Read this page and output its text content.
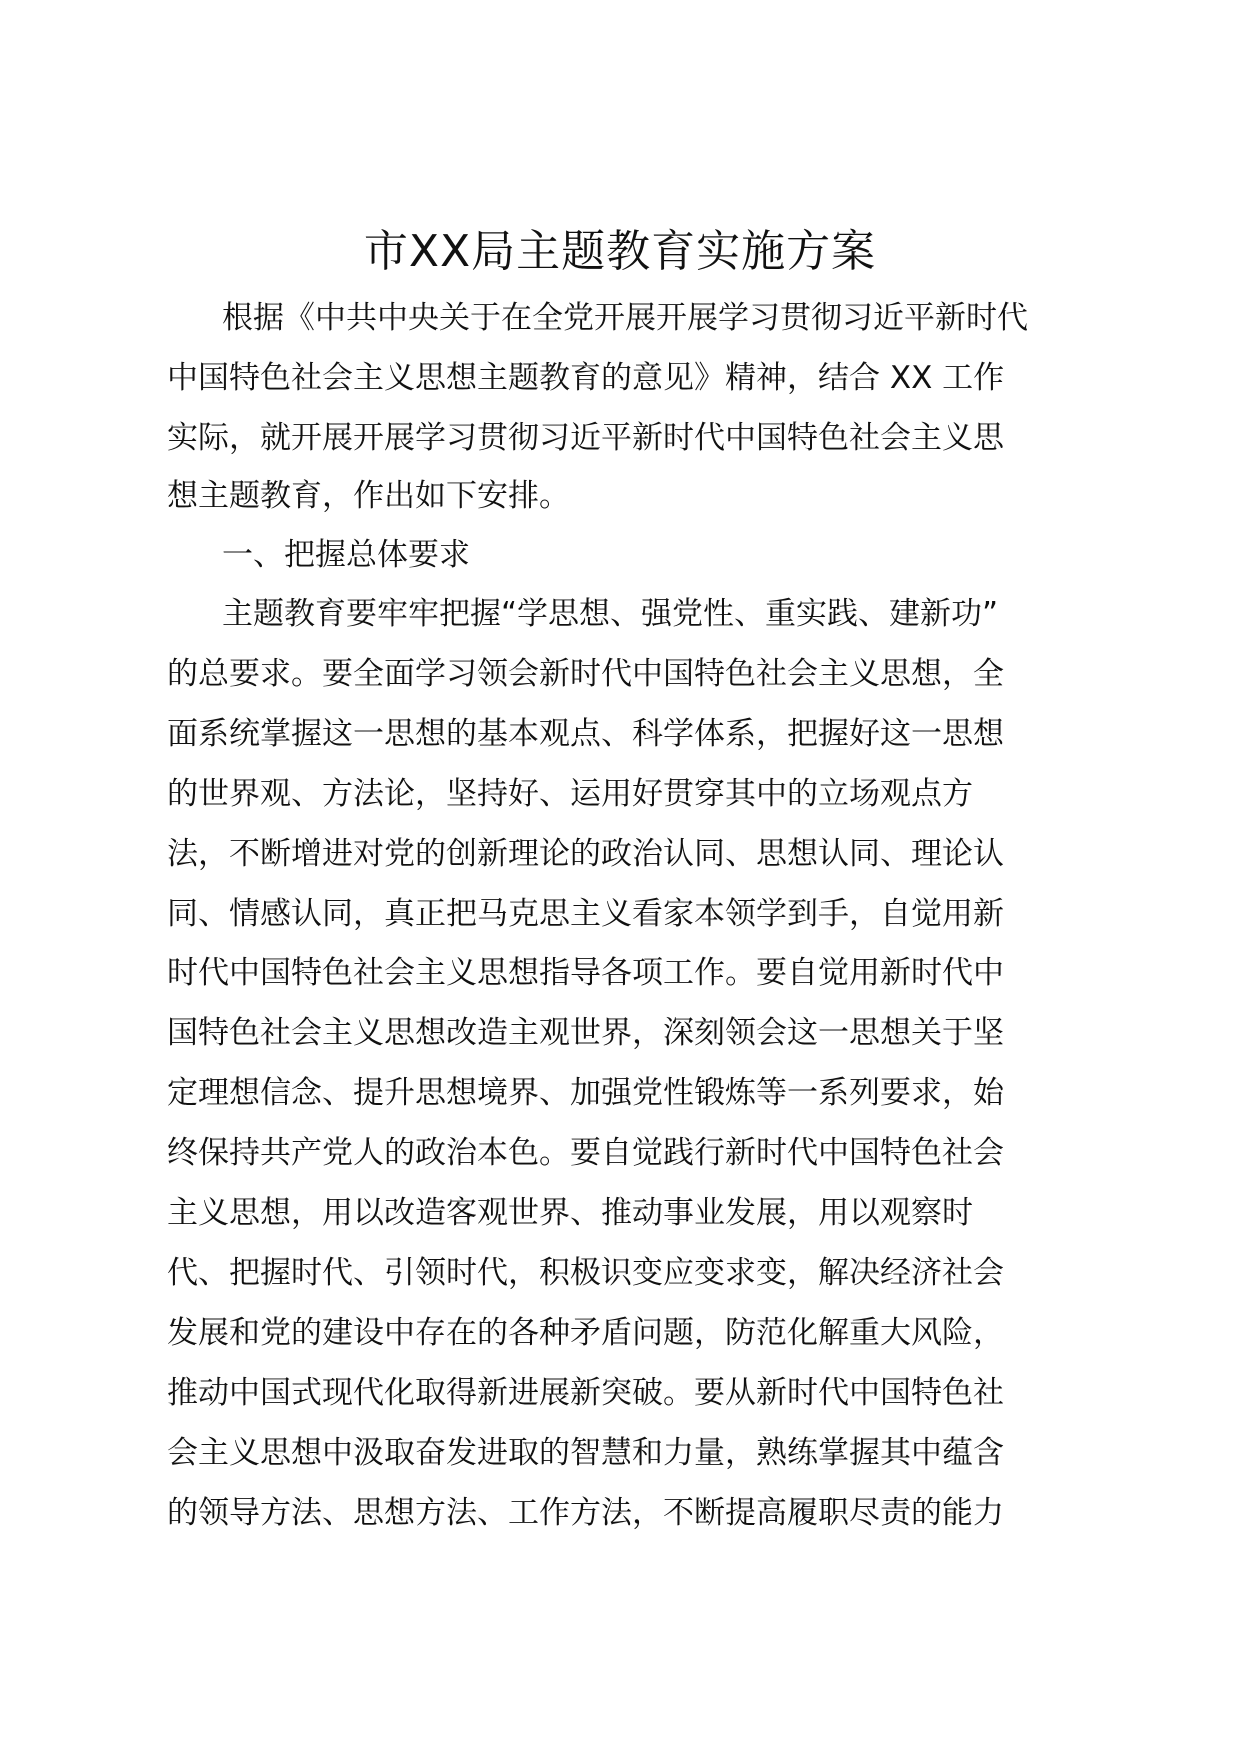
市XX局主题教育实施方案

根据《中共中央关于在全党开展开展学习贯彻习近平新时代

中国特色社会主义思想主题教育的意见》精神，结合 XX 工作

实际，就开展开展学习贯彻习近平新时代中国特色社会主义思

想主题教育，作出如下安排。

一、把握总体要求

主题教育要牢牢把握“学思想、强党性、重实践、建新功”

的总要求。要全面学习领会新时代中国特色社会主义思想，全

面系统掌握这一思想的基本观点、科学体系，把握好这一思想

的世界观、方法论，坚持好、运用好贯穿其中的立场观点方

法，不断增进对党的创新理论的政治认同、思想认同、理论认

同、情感认同，真正把马克思主义看家本领学到手，自觉用新

时代中国特色社会主义思想指导各项工作。要自觉用新时代中

国特色社会主义思想改造主观世界，深刻领会这一思想关于坚

定理想信念、提升思想境界、加强党性锻炼等一系列要求，始

终保持共产党人的政治本色。要自觉践行新时代中国特色社会

主义思想，用以改造客观世界、推动事业发展，用以观察时

代、把握时代、引领时代，积极识变应变求变，解决经济社会

发展和党的建设中存在的各种矛盾问题，防范化解重大风险，

推动中国式现代化取得新进展新突破。要从新时代中国特色社

会主义思想中汲取奋发进取的智慧和力量，熟练掌握其中蕴含

的领导方法、思想方法、工作方法，不断提高履职尽责的能力
